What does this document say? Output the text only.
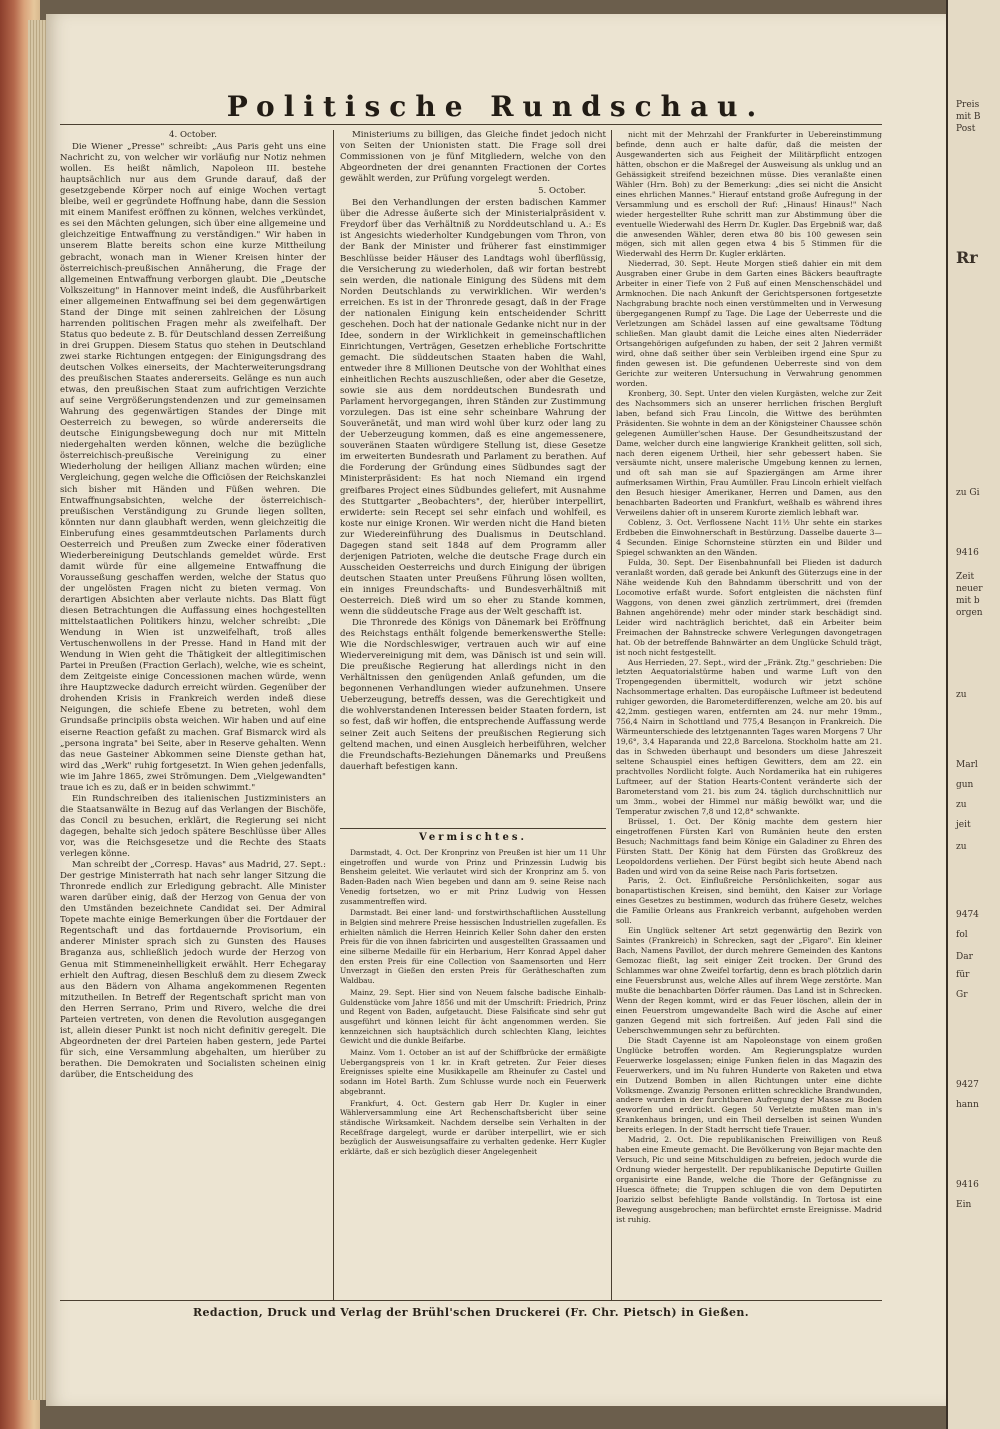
Politische Rundschau.

4. October.

Die Wiener „Presse" schreibt: „Aus Paris geht uns eine Nachricht zu, von welcher wir vorläufig nur Notiz nehmen wollen. Es heißt nämlich, Napoleon III. bestehe hauptsächlich nur aus dem Grunde darauf, daß der gesetzgebende Körper noch auf einige Wochen vertagt bleibe, weil er gegründete Hoffnung habe, dann die Session mit einem Manifest eröffnen zu können, welches verkündet, es sei den Mächten gelungen, sich über eine allgemeine und gleichzeitige Entwaffnung zu verständigen." Wir haben in unserem Blatte bereits schon eine kurze Mittheilung gebracht, wonach man in Wiener Kreisen hinter der österreichisch-preußischen Annäherung, die Frage der allgemeinen Entwaffnung verborgen glaubt. Die „Deutsche Volkszeitung" in Hannover meint indeß, die Ausführbarkeit einer allgemeinen Entwaffnung sei bei dem gegenwärtigen Stand der Dinge mit seinen zahlreichen der Lösung harrenden politischen Fragen mehr als zweifelhaft. Der Status quo bedeute z. B. für Deutschland dessen Zerreißung in drei Gruppen. Diesem Status quo stehen in Deutschland zwei starke Richtungen entgegen: der Einigungsdrang des deutschen Volkes einerseits, der Machterweiterungsdrang des preußischen Staates andererseits. Gelänge es nun auch etwas, den preußischen Staat zum aufrichtigen Verzichte auf seine Vergrößerungstendenzen und zur gemeinsamen Wahrung des gegenwärtigen Standes der Dinge mit Oesterreich zu bewegen, so würde andererseits die deutsche Einigungsbewegung doch nur mit Mitteln niedergehalten werden können, welche die bezügliche österreichisch-preußische Vereinigung zu einer Wiederholung der heiligen Allianz machen würden; eine Vergleichung, gegen welche die Officiösen der Reichskanzlei sich bisher mit Händen und Füßen wehren. Die Entwaffnungsabsichten, welche der österreichisch-preußischen Verständigung zu Grunde liegen sollten, könnten nur dann glaubhaft werden, wenn gleichzeitig die Einberufung eines gesammtdeutschen Parlaments durch Oesterreich und Preußen zum Zwecke einer föderativen Wiederbereinigung Deutschlands gemeldet würde. Erst damit würde für eine allgemeine Entwaffnung die Vorausseßung geschaffen werden, welche der Status quo der ungelösten Fragen nicht zu bieten vermag. Von derartigen Absichten aber verlaute nichts. Das Blatt fügt diesen Betrachtungen die Auffassung eines hochgestellten mittelstaatlichen Politikers hinzu, welcher schreibt: „Die Wendung in Wien ist unzweifelhaft, troß alles Vertuschenwollens in der Presse. Hand in Hand mit der Wendung in Wien geht die Thätigkeit der altlegitimischen Partei in Preußen (Fraction Gerlach), welche, wie es scheint, dem Zeitgeiste einige Concessionen machen würde, wenn ihre Hauptzwecke dadurch erreicht würden. Gegenüber der drohenden Krisis in Frankreich werden indeß diese Neigungen, die schiefe Ebene zu betreten, wohl dem Grundsaße principiis obsta weichen. Wir haben und auf eine eiserne Reaction gefaßt zu machen. Graf Bismarck wird als „persona ingrata" bei Seite, aber in Reserve gehalten. Wenn das neue Gasteiner Abkommen seine Dienste gethan hat, wird das „Werk" ruhig fortgesetzt. In Wien gehen jedenfalls, wie im Jahre 1865, zwei Strömungen. Dem „Vielgewandten" traue ich es zu, daß er in beiden schwimmt."

Ein Rundschreiben des italienischen Justizministers an die Staatsanwälte in Bezug auf das Verlangen der Bischöfe, das Concil zu besuchen, erklärt, die Regierung sei nicht dagegen, behalte sich jedoch spätere Beschlüsse über Alles vor, was die Reichsgesetze und die Rechte des Staats verlegen könne.

Man schreibt der „Corresp. Havas" aus Madrid, 27. Sept.: Der gestrige Ministerrath hat nach sehr langer Sitzung die Thronrede endlich zur Erledigung gebracht. Alle Minister waren darüber einig, daß der Herzog von Genua der von den Umständen bezeichnete Candidat sei. Der Admiral Topete machte einige Bemerkungen über die Fortdauer der Regentschaft und das fortdauernde Provisorium, ein anderer Minister sprach sich zu Gunsten des Hauses Braganza aus, schließlich jedoch wurde der Herzog von Genua mit Stimmeneinhelligkeit erwählt. Herr Echegaray erhielt den Auftrag, diesen Beschluß dem zu diesem Zweck aus den Bädern von Alhama angekommenen Regenten mitzutheilen. In Betreff der Regentschaft spricht man von den Herren Serrano, Prim und Rivero, welche die drei Parteien vertreten, von denen die Revolution ausgegangen ist, allein dieser Punkt ist noch nicht definitiv geregelt. Die Abgeordneten der drei Parteien haben gestern, jede Partei für sich, eine Versammlung abgehalten, um hierüber zu berathen. Die Demokraten und Socialisten scheinen einig darüber, die Entscheidung des

Ministeriums zu billigen, das Gleiche findet jedoch nicht von Seiten der Unionisten statt. Die Frage soll drei Commissionen von je fünf Mitgliedern, welche von den Abgeordneten der drei genannten Fractionen der Cortes gewählt werden, zur Prüfung vorgelegt werden.

5. October.

Bei den Verhandlungen der ersten badischen Kammer über die Adresse äußerte sich der Ministerialpräsident v. Freydorf über das Verhältniß zu Norddeutschland u. A.: Es ist Angesichts wiederholter Kundgebungen vom Thron, von der Bank der Minister und früherer fast einstimmiger Beschlüsse beider Häuser des Landtags wohl überflüssig, die Versicherung zu wiederholen, daß wir fortan bestrebt sein werden, die nationale Einigung des Südens mit dem Norden Deutschlands zu verwirklichen. Wir werden's erreichen. Es ist in der Thronrede gesagt, daß in der Frage der nationalen Einigung kein entscheidender Schritt geschehen. Doch hat der nationale Gedanke nicht nur in der Idee, sondern in der Wirklichkeit in gemeinschaftlichen Einrichtungen, Verträgen, Gesetzen erhebliche Fortschritte gemacht. Die süddeutschen Staaten haben die Wahl, entweder ihre 8 Millionen Deutsche von der Wohlthat eines einheitlichen Rechts auszuschließen, oder aber die Gesetze, sowie sie aus dem norddeutschen Bundesrath und Parlament hervorgegangen, ihren Ständen zur Zustimmung vorzulegen. Das ist eine sehr scheinbare Wahrung der Souveränetät, und man wird wohl über kurz oder lang zu der Ueberzeugung kommen, daß es eine angemessenere, souveränen Staaten würdigere Stellung ist, diese Gesetze im erweiterten Bundesrath und Parlament zu berathen. Auf die Forderung der Gründung eines Südbundes sagt der Ministerpräsident: Es hat noch Niemand ein irgend greifbares Project eines Südbundes geliefert, mit Ausnahme des Stuttgarter „Beobachters", der, hierüber interpellirt, erwiderte: sein Recept sei sehr einfach und wohlfeil, es koste nur einige Kronen. Wir werden nicht die Hand bieten zur Wiedereinführung des Dualismus in Deutschland. Dagegen stand seit 1848 auf dem Programm aller derjenigen Patrioten, welche die deutsche Frage durch ein Ausscheiden Oesterreichs und durch Einigung der übrigen deutschen Staaten unter Preußens Führung lösen wollten, ein inniges Freundschafts- und Bundesverhältniß mit Oesterreich. Dieß wird um so eher zu Stande kommen, wenn die süddeutsche Frage aus der Welt geschafft ist.

Die Thronrede des Königs von Dänemark bei Eröffnung des Reichstags enthält folgende bemerkenswerthe Stelle: Wie die Nordschleswiger, vertrauen auch wir auf eine Wiedervereinigung mit dem, was Dänisch ist und sein will. Die preußische Regierung hat allerdings nicht in den Verhältnissen den genügenden Anlaß gefunden, um die begonnenen Verhandlungen wieder aufzunehmen. Unsere Ueberzeugung, betreffs dessen, was die Gerechtigkeit und die wohlverstandenen Interessen beider Staaten fordern, ist so fest, daß wir hoffen, die entsprechende Auffassung werde seiner Zeit auch Seitens der preußischen Regierung sich geltend machen, und einen Ausgleich herbeiführen, welcher die Freundschafts-Beziehungen Dänemarks und Preußens dauerhaft befestigen kann.

Vermischtes.

Darmstadt, 4. Oct. Der Kronprinz von Preußen ist hier um 11 Uhr eingetroffen und wurde von Prinz und Prinzessin Ludwig bis Bensheim geleitet. Wie verlautet wird sich der Kronprinz am 5. von Baden-Baden nach Wien begeben und dann am 9. seine Reise nach Venedig fortsetzen, wo er mit Prinz Ludwig von Hessen zusammentreffen wird.

Darmstadt. Bei einer land- und forstwirthschaftlichen Ausstellung in Belgien sind mehrere Preise hessischen Industriellen zugefallen. Es erhielten nämlich die Herren Heinrich Keller Sohn daher den ersten Preis für die von ihnen fabricirten und ausgestellten Grassaamen und eine silberne Medaille für ein Herbarium, Herr Konrad Appel daher den ersten Preis für eine Collection von Saamensorten und Herr Unverzagt in Gießen den ersten Preis für Gerätheschaften zum Waldbau.

Mainz, 29. Sept. Hier sind von Neuem falsche badische Einhalb-Guldenstücke vom Jahre 1856 und mit der Umschrift: Friedrich, Prinz und Regent von Baden, aufgetaucht. Diese Falsificate sind sehr gut ausgeführt und können leicht für ächt angenommen werden. Sie kennzeichnen sich hauptsächlich durch schlechten Klang, leichtes Gewicht und die dunkle Beifarbe.

Mainz. Vom 1. October an ist auf der Schiffbrücke der ermäßigte Uebergangspreis von 1 kr. in Kraft getreten. Zur Feier dieses Ereignisses spielte eine Musikkapelle am Rheinufer zu Castel und sodann im Hotel Barth. Zum Schlusse wurde noch ein Feuerwerk abgebrannt.

Frankfurt, 4. Oct. Gestern gab Herr Dr. Kugler in einer Wählerversammlung eine Art Rechenschaftsbericht über seine ständische Wirksamkeit. Nachdem derselbe sein Verhalten in der Receßfrage dargelegt, wurde er darüber interpellirt, wie er sich bezüglich der Ausweisungsaffaire zu verhalten gedenke. Herr Kugler erklärte, daß er sich bezüglich dieser Angelegenheit

nicht mit der Mehrzahl der Frankfurter in Uebereinstimmung befinde, denn auch er halte dafür, daß die meisten der Ausgewanderten sich aus Feigheit der Militärpflicht entzogen hätten, obschon er die Maßregel der Ausweisung als unklug und an Gehässigkeit streifend bezeichnen müsse. Dies veranlaßte einen Wähler (Hrn. Boh) zu der Bemerkung: „dies sei nicht die Ansicht eines ehrlichen Mannes." Hierauf entstand große Aufregung in der Versammlung und es erscholl der Ruf: „Hinaus! Hinaus!" Nach wieder hergestellter Ruhe schritt man zur Abstimmung über die eventuelle Wiederwahl des Herrn Dr. Kugler. Das Ergebniß war, daß die anwesenden Wähler, deren etwa 80 bis 100 gewesen sein mögen, sich mit allen gegen etwa 4 bis 5 Stimmen für die Wiederwahl des Herrn Dr. Kugler erklärten.

Niederrad, 30. Sept. Heute Morgen stieß dahier ein mit dem Ausgraben einer Grube in dem Garten eines Bäckers beauftragte Arbeiter in einer Tiefe von 2 Fuß auf einen Menschenschädel und Armknochen. Die nach Ankunft der Gerichtspersonen fortgesetzte Nachgrabung brachte noch einen verstümmelten und in Verwesung übergegangenen Rumpf zu Tage. Die Lage der Ueberreste und die Verletzungen am Schädel lassen auf eine gewaltsame Tödtung schließen. Man glaubt damit die Leiche eines alten Niederräder Ortsangehörigen aufgefunden zu haben, der seit 2 Jahren vermißt wird, ohne daß seither über sein Verbleiben irgend eine Spur zu finden gewesen ist. Die gefundenen Ueberreste sind von dem Gerichte zur weiteren Untersuchung in Verwahrung genommen worden.

Kronberg, 30. Sept. Unter den vielen Kurgästen, welche zur Zeit des Nachsommers sich an unserer herrlichen frischen Bergluft laben, befand sich Frau Lincoln, die Wittwe des berühmten Präsidenten. Sie wohnte in dem an der Königsteiner Chaussee schön gelegenen Aumüller'schen Hause. Der Gesundheitszustand der Dame, welcher durch eine langwierige Krankheit gelitten, soll sich, nach deren eigenem Urtheil, hier sehr gebessert haben. Sie versäumte nicht, unsere malerische Umgebung kennen zu lernen, und oft sah man sie auf Spaziergängen am Arme ihrer aufmerksamen Wirthin, Frau Aumüller. Frau Lincoln erhielt vielfach den Besuch hiesiger Amerikaner, Herren und Damen, aus den benachbarten Badeorten und Frankfurt, weßhalb es während ihres Verweilens dahier oft in unserem Kurorte ziemlich lebhaft war.

Coblenz, 3. Oct. Verflossene Nacht 11½ Uhr sehte ein starkes Erdbeben die Einwohnerschaft in Bestürzung. Dasselbe dauerte 3—4 Secunden. Einige Schornsteine stürzten ein und Bilder und Spiegel schwankten an den Wänden.

Fulda, 30. Sept. Der Eisenbahnunfall bei Flieden ist dadurch veranlaßt worden, daß gerade bei Ankunft des Güterzugs eine in der Nähe weidende Kuh den Bahndamm überschritt und von der Locomotive erfaßt wurde. Sofort entgleisten die nächsten fünf Waggons, von denen zwei gänzlich zertrümmert, drei (fremden Bahnen angehörende) mehr oder minder stark beschädigt sind. Leider wird nachträglich berichtet, daß ein Arbeiter beim Freimachen der Bahnstrecke schwere Verlegungen davongetragen hat. Ob der betreffende Bahnwärter an dem Unglücke Schuld trägt, ist noch nicht festgestellt.

Aus Herrieden, 27. Sept., wird der „Fränk. Ztg." geschrieben: Die letzten Aequatorialstürme haben und warme Luft von den Tropengegenden übermittelt, wodurch wir jetzt schöne Nachsommertage erhalten. Das europäische Luftmeer ist bedeutend ruhiger geworden, die Barometerdifferenzen, welche am 20. bis auf 42,2mm. gestiegen waren, entfernten am 24. nur mehr 19mm., 756,4 Nairn in Schottland und 775,4 Besançon in Frankreich. Die Wärmeunterschiede des letztgenannten Tages waren Morgens 7 Uhr 19,6°, 3,4 Haparanda und 22,8 Barcelona. Stockholm hatte am 21. das in Schweden überhaupt und besonders um diese Jahreszeit seltene Schauspiel eines heftigen Gewitters, dem am 22. ein prachtvolles Nordlicht folgte. Auch Nordamerika hat ein ruhigeres Luftmeer, auf der Station Hearts-Content veränderte sich der Barometerstand vom 21. bis zum 24. täglich durchschnittlich nur um 3mm., wobei der Himmel nur mäßig bewölkt war, und die Temperatur zwischen 7,8 und 12,8° schwankte.

Brüssel, 1. Oct. Der König machte dem gestern hier eingetroffenen Fürsten Karl von Rumänien heute den ersten Besuch; Nachmittags fand beim Könige ein Galadiner zu Ehren des Fürsten Statt. Der König hat dem Fürsten das Großkreuz des Leopoldordens verliehen. Der Fürst begibt sich heute Abend nach Baden und wird von da seine Reise nach Paris fortsetzen.

Paris, 2. Oct. Einflußreiche Persönlichkeiten, sogar aus bonapartistischen Kreisen, sind bemüht, den Kaiser zur Vorlage eines Gesetzes zu bestimmen, wodurch das frühere Gesetz, welches die Familie Orleans aus Frankreich verbannt, aufgehoben werden soll.

Ein Unglück seltener Art setzt gegenwärtig den Bezirk von Saintes (Frankreich) in Schrecken, sagt der „Figaro". Ein kleiner Bach, Namens Pavillot, der durch mehrere Gemeinden des Kantons Gemozac fließt, lag seit einiger Zeit trocken. Der Grund des Schlammes war ohne Zweifel torfartig, denn es brach plötzlich darin eine Feuersbrunst aus, welche Alles auf ihrem Wege zerstörte. Man mußte die benachbarten Dörfer räumen. Das Land ist in Schrecken. Wenn der Regen kommt, wird er das Feuer löschen, allein der in einen Feuerstrom umgewandelte Bach wird die Asche auf einer ganzen Gegend mit sich fortreißen. Auf jeden Fall sind die Ueberschwemmungen sehr zu befürchten.

Die Stadt Cayenne ist am Napoleonstage von einem großen Unglücke betroffen worden. Am Regierungsplatze wurden Feuerwerke losgelassen; einige Funken fielen in das Magazin des Feuerwerkers, und im Nu fuhren Hunderte von Raketen und etwa ein Dutzend Bomben in allen Richtungen unter eine dichte Volksmenge. Zwanzig Personen erlitten schreckliche Brandwunden, andere wurden in der furchtbaren Aufregung der Masse zu Boden geworfen und erdrückt. Gegen 50 Verletzte mußten man in's Krankenhaus bringen, und ein Theil derselben ist seinen Wunden bereits erlegen. In der Stadt herrscht tiefe Trauer.

Madrid, 2. Oct. Die republikanischen Freiwilligen von Reuß haben eine Emeute gemacht. Die Bevölkerung von Bejar machte den Versuch, Pic und seine Mitschuldigen zu befreien, jedoch wurde die Ordnung wieder hergestellt. Der republikanische Deputirte Guillen organisirte eine Bande, welche die Thore der Gefängnisse zu Huesca öffnete; die Truppen schlugen die von dem Deputirten Joarizio selbst befehligte Bande vollständig. In Tortosa ist eine Bewegung ausgebrochen; man befürchtet ernste Ereignisse. Madrid ist ruhig.

Redaction, Druck und Verlag der Brühl'schen Druckerei (Fr. Chr. Pietsch) in Gießen.
Preis
mit B
Post
Rr
zu Gi
9416
Zeit
neuer
mit b
orgen
zu
Marl
gun
zu
jeit
zu
9474
fol
Dar
für
Gr
9427
hann
9416
Ein
